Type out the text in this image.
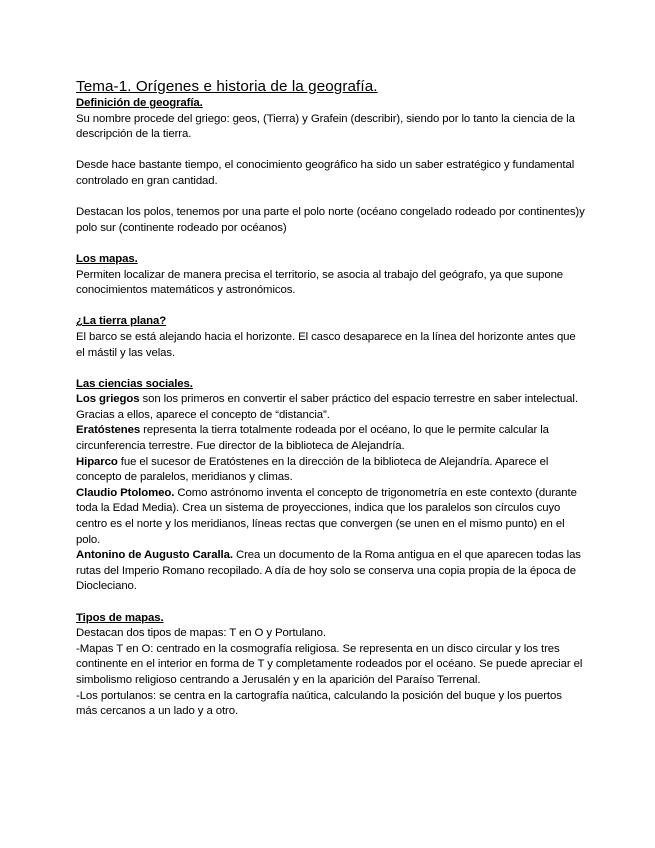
Tema-1. Orígenes e historia de la geografía.

Definición de geografía.

Su nombre procede del griego: geos, (Tierra) y Grafein (describir), siendo por lo tanto la ciencia de la descripción de la tierra.

Desde hace bastante tiempo, el conocimiento geográfico ha sido un saber estratégico y fundamental controlado en gran cantidad.

Destacan los polos, tenemos por una parte el polo norte (océano congelado rodeado por continentes)y polo sur (continente rodeado por océanos)

Los mapas.

Permiten localizar de manera precisa el territorio, se asocia al trabajo del geógrafo, ya que supone conocimientos matemáticos y astronómicos.

¿La tierra plana?

El barco se está alejando hacia el horizonte. El casco desaparece en la línea del horizonte antes que el mástil y las velas.

Las ciencias sociales.

Los griegos son los primeros en convertir el saber práctico del espacio terrestre en saber intelectual. Gracias a ellos, aparece el concepto de “distancia”.

Eratóstenes representa la tierra totalmente rodeada por el océano, lo que le permite calcular la circunferencia terrestre. Fue director de la biblioteca de Alejandría.

Hiparco fue el sucesor de Eratóstenes en la dirección de la biblioteca de Alejandría. Aparece el concepto de paralelos, meridianos y climas.

Claudio Ptolomeo. Como astrónomo inventa el concepto de trigonometría en este contexto (durante toda la Edad Media). Crea un sistema de proyecciones, indica que los paralelos son círculos cuyo centro es el norte y los meridianos, líneas rectas que convergen (se unen en el mismo punto) en el polo.

Antonino de Augusto Caralla. Crea un documento de la Roma antigua en el que aparecen todas las rutas del Imperio Romano recopilado. A día de hoy solo se conserva una copia propia de la época de Diocleciano.

Tipos de mapas.

Destacan dos tipos de mapas: T en O y Portulano.

-Mapas T en O: centrado en la cosmografía religiosa. Se representa en un disco circular y los tres continente en el interior en forma de T y completamente rodeados por el océano. Se puede apreciar el simbolismo religioso centrando a Jerusalén y en la aparición del Paraíso Terrenal.

-Los portulanos: se centra en la cartografía naútica, calculando la posición del buque y los puertos más cercanos a un lado y a otro.
